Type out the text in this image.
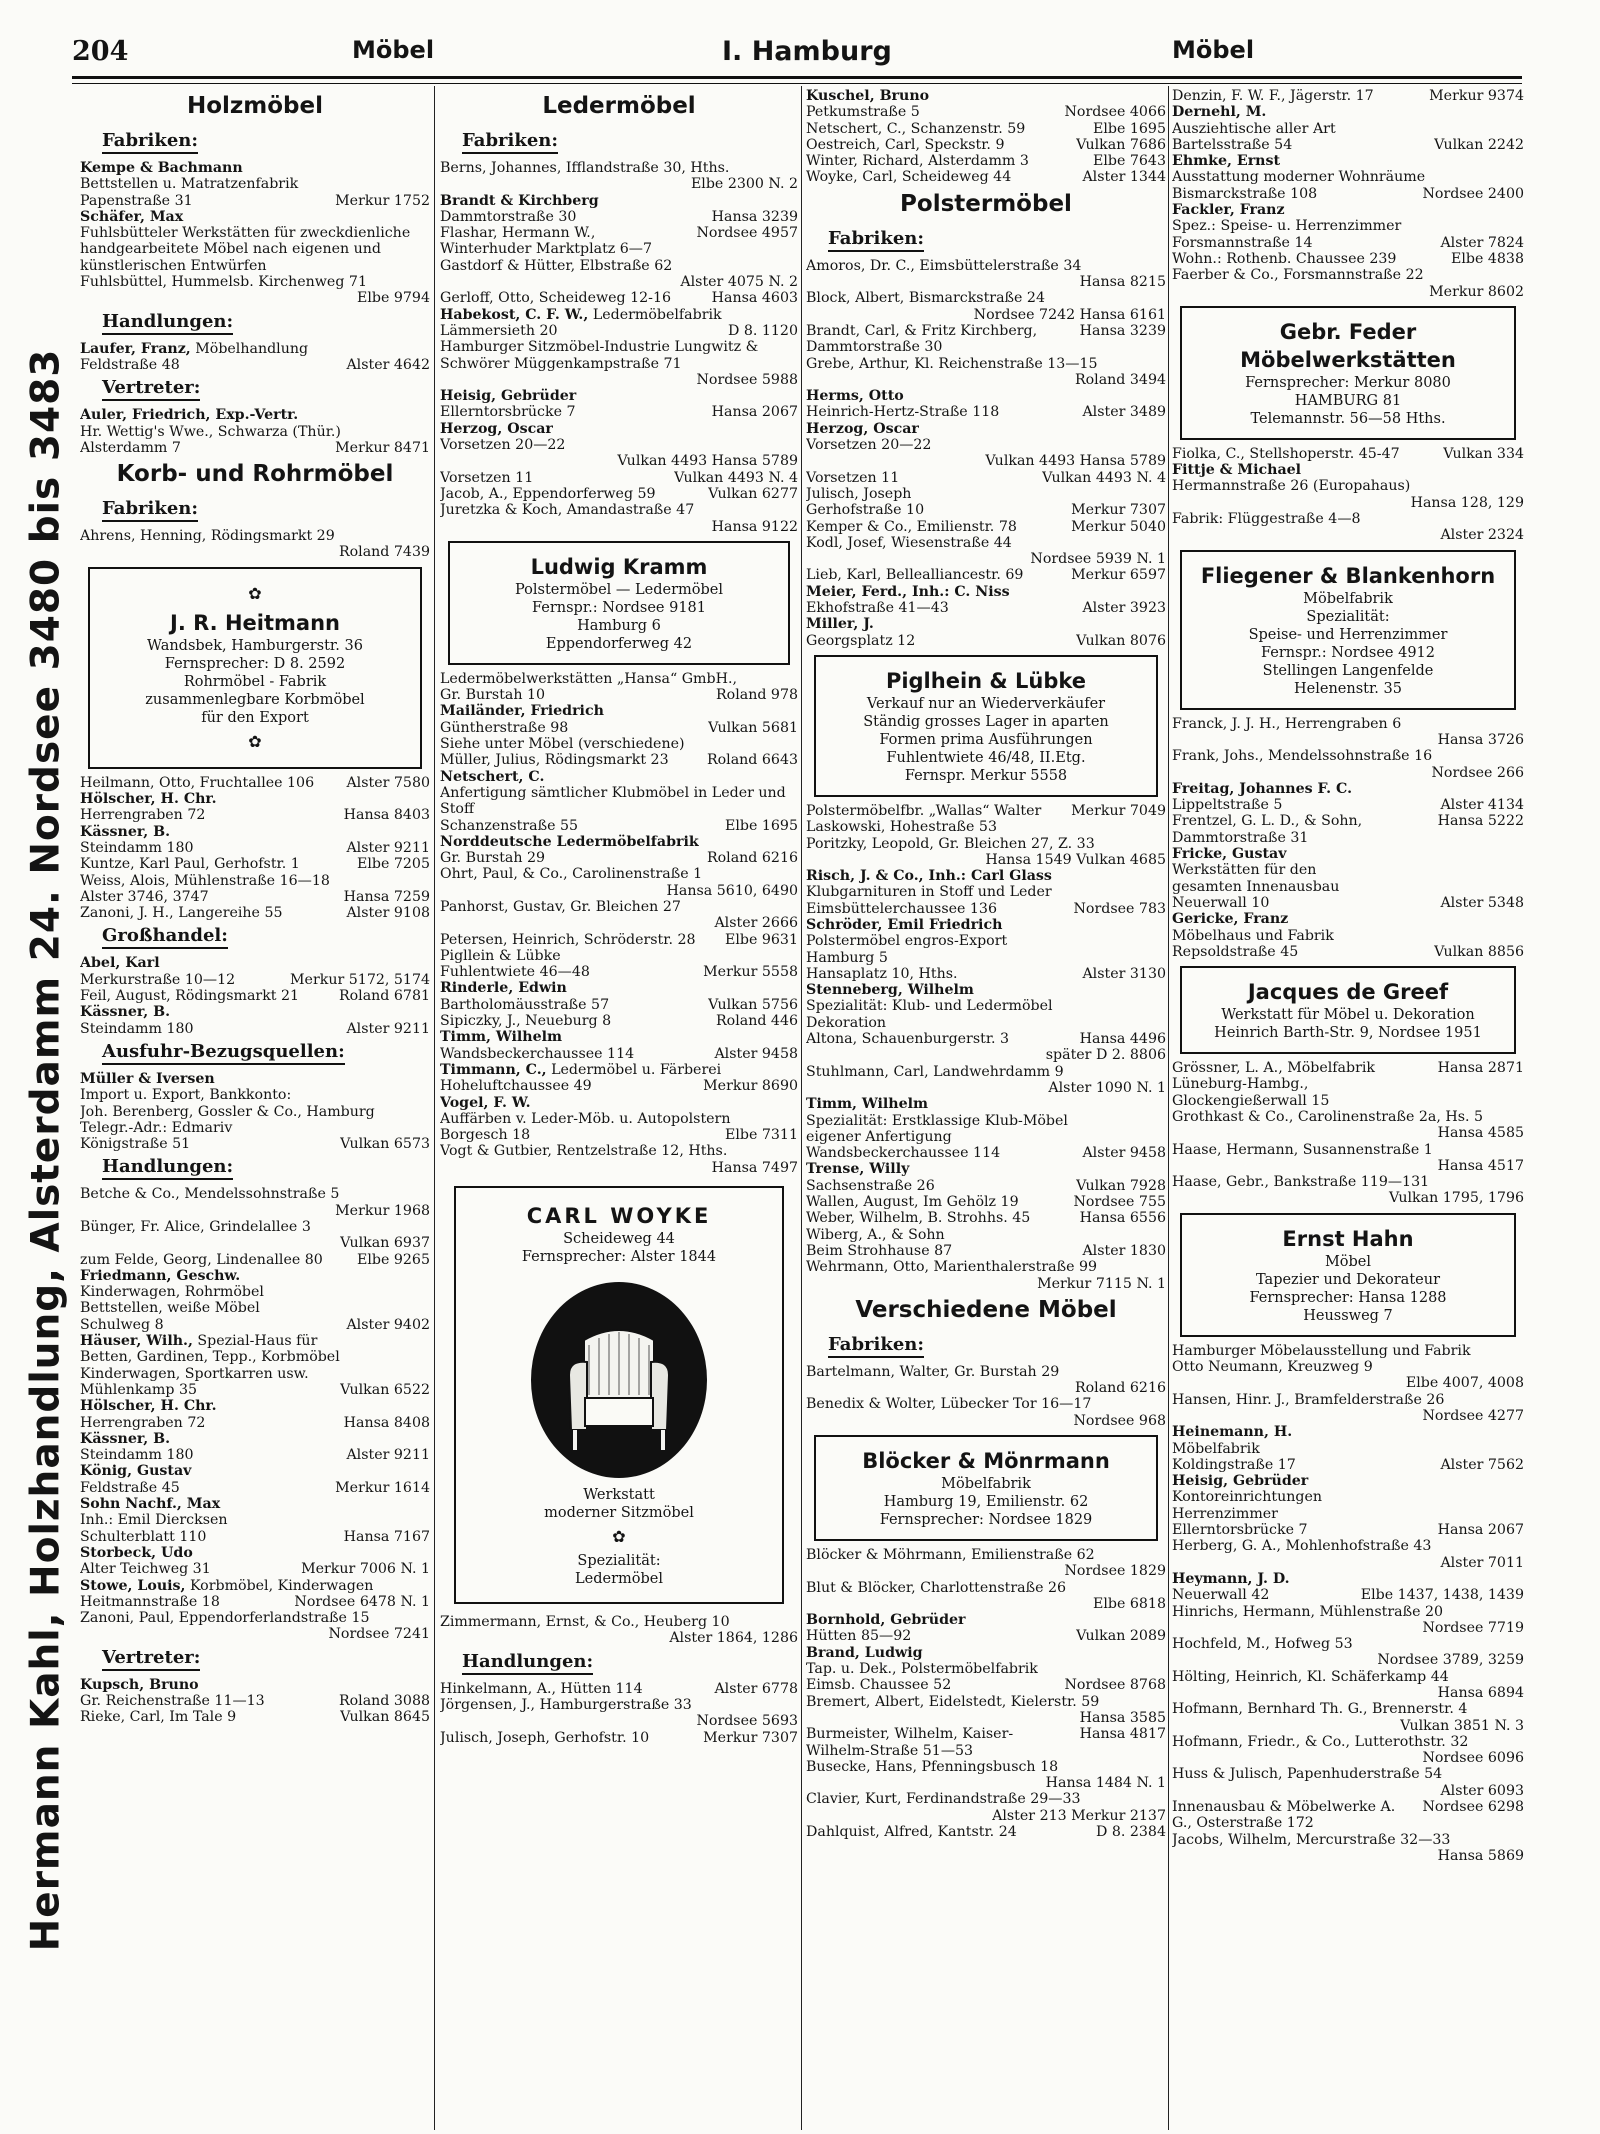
Hermann Kahl, Holzhandlung, Alsterdamm 24. Nordsee 3480 bis 3483
204	Möbel	I. Hamburg	Möbel
Holzmöbel
Fabriken:
Kempe & Bachmann
Bettstellen u. Matratzenfabrik
Papenstraße 31	Merkur 1752
Schäfer, Max
Fuhlsbütteler Werkstätten für zweckdienliche handgearbeitete Möbel nach eigenen und künstlerischen Entwürfen
Fuhlsbüttel, Hummelsb. Kirchenweg 71
Elbe 9794
Handlungen:
Laufer, Franz, Möbelhandlung
Feldstraße 48	Alster 4642
Vertreter:
Auler, Friedrich, Exp.-Vertr.
Hr. Wettig's Wwe., Schwarza (Thür.)
Alsterdamm 7	Merkur 8471
Korb- und Rohrmöbel
Fabriken:
Ahrens, Henning, Rödingsmarkt 29
Roland 7439
✿
J. R. Heitmann
Wandsbek, Hamburgerstr. 36
Fernsprecher: D 8. 2592
Rohrmöbel - Fabrik
zusammenlegbare Korbmöbel
für den Export
✿
Heilmann, Otto, Fruchtallee 106 Alster 7580
Hölscher, H. Chr.
Herrengraben 72	Hansa 8403
Kässner, B.
Steindamm 180	Alster 9211
Kuntze, Karl Paul, Gerhofstr. 1	Elbe 7205
Weiss, Alois, Mühlenstraße 16—18
Alster 3746, 3747	Hansa 7259
Zanoni, J. H., Langereihe 55	Alster 9108
Großhandel:
Abel, Karl
Merkurstraße 10—12	Merkur 5172, 5174
Feil, August, Rödingsmarkt 21	Roland 6781
Kässner, B.
Steindamm 180	Alster 9211
Ausfuhr-Bezugsquellen:
Müller & Iversen
Import u. Export, Bankkonto:
Joh. Berenberg, Gossler & Co., Hamburg
Telegr.-Adr.: Edmariv
Königstraße 51	Vulkan 6573
Handlungen:
Betche & Co., Mendelssohnstraße 5
Merkur 1968
Bünger, Fr. Alice, Grindelallee 3
Vulkan 6937
zum Felde, Georg, Lindenallee 80 Elbe 9265
Friedmann, Geschw.
Kinderwagen, Rohrmöbel
Bettstellen, weiße Möbel
Schulweg 8	Alster 9402
Häuser, Wilh., Spezial-Haus für
Betten, Gardinen, Tepp., Korbmöbel
Kinderwagen, Sportkarren usw.
Mühlenkamp 35	Vulkan 6522
Hölscher, H. Chr.
Herrengraben 72	Hansa 8408
Kässner, B.
Steindamm 180	Alster 9211
König, Gustav
Feldstraße 45	Merkur 1614
Sohn Nachf., Max
Inh.: Emil Diercksen
Schulterblatt 110	Hansa 7167
Storbeck, Udo
Alter Teichweg 31	Merkur 7006 N. 1
Stowe, Louis, Korbmöbel, Kinderwagen
Heitmannstraße 18	Nordsee 6478 N. 1
Zanoni, Paul, Eppendorferlandstraße 15
Nordsee 7241
Vertreter:
Kupsch, Bruno
Gr. Reichenstraße 11—13	Roland 3088
Rieke, Carl, Im Tale 9	Vulkan 8645
Ledermöbel
Fabriken:
Berns, Johannes, Ifflandstraße 30, Hths.
Elbe 2300 N. 2
Brandt & Kirchberg
Dammtorstraße 30	Hansa 3239
Flashar, Hermann W., Winterhuder Marktplatz 6—7
Nordsee 4957
Gastdorf & Hütter, Elbstraße 62
Alster 4075 N. 2
Gerloff, Otto, Scheideweg 12-16	Hansa 4603
Habekost, C. F. W., Ledermöbelfabrik
Lämmersieth 20	D 8. 1120
Hamburger Sitzmöbel-Industrie Lungwitz & Schwörer Müggenkampstraße 71
Nordsee 5988
Heisig, Gebrüder
Ellerntorsbrücke 7	Hansa 2067
Herzog, Oscar
Vorsetzen 20—22
Vulkan 4493 Hansa 5789
Vorsetzen 11	Vulkan 4493 N. 4
Jacob, A., Eppendorferweg 59	Vulkan 6277
Juretzka & Koch, Amandastraße 47
Hansa 9122
Ludwig Kramm
Polstermöbel — Ledermöbel
Fernspr.: Nordsee 9181
Hamburg 6
Eppendorferweg 42
Ledermöbelwerkstätten „Hansa“ GmbH.,
Gr. Burstah 10	Roland 978
Mailänder, Friedrich
Güntherstraße 98	Vulkan 5681
Siehe unter Möbel (verschiedene)
Müller, Julius, Rödingsmarkt 23	Roland 6643
Netschert, C.
Anfertigung sämtlicher Klubmöbel in Leder und Stoff
Schanzenstraße 55	Elbe 1695
Norddeutsche Ledermöbelfabrik
Gr. Burstah 29	Roland 6216
Ohrt, Paul, & Co., Carolinenstraße 1
Hansa 5610, 6490
Panhorst, Gustav, Gr. Bleichen 27
Alster 2666
Petersen, Heinrich, Schröderstr. 28 Elbe 9631
Pigllein & Lübke
Fuhlentwiete 46—48	Merkur 5558
Rinderle, Edwin
Bartholomäusstraße 57	Vulkan 5756
Sipiczky, J., Neueburg 8	Roland 446
Timm, Wilhelm
Wandsbeckerchaussee 114	Alster 9458
Timmann, C., Ledermöbel u. Färberei
Hoheluftchaussee 49	Merkur 8690
Vogel, F. W.
Auffärben v. Leder-Möb. u. Autopolstern
Borgesch 18	Elbe 7311
Vogt & Gutbier, Rentzelstraße 12, Hths.
Hansa 7497
CARL WOYKE
Scheideweg 44
Fernsprecher: Alster 1844
Werkstatt
moderner Sitzmöbel
✿
Spezialität:
Ledermöbel
Zimmermann, Ernst, & Co., Heuberg 10
Alster 1864, 1286
Handlungen:
Hinkelmann, A., Hütten 114	Alster 6778
Jörgensen, J., Hamburgerstraße 33
Nordsee 5693
Julisch, Joseph, Gerhofstr. 10	Merkur 7307
Kuschel, Bruno
Petkumstraße 5	Nordsee 4066
Netschert, C., Schanzenstr. 59	Elbe 1695
Oestreich, Carl, Speckstr. 9	Vulkan 7686
Winter, Richard, Alsterdamm 3	Elbe 7643
Woyke, Carl, Scheideweg 44	Alster 1344
Polstermöbel
Fabriken:
Amoros, Dr. C., Eimsbüttelerstraße 34
Hansa 8215
Block, Albert, Bismarckstraße 24
Nordsee 7242 Hansa 6161
Brandt, Carl, & Fritz Kirchberg, Dammtorstraße 30
Hansa 3239
Grebe, Arthur, Kl. Reichenstraße 13—15
Roland 3494
Herms, Otto
Heinrich-Hertz-Straße 118	Alster 3489
Herzog, Oscar
Vorsetzen 20—22
Vulkan 4493 Hansa 5789
Vorsetzen 11	Vulkan 4493 N. 4
Julisch, Joseph
Gerhofstraße 10	Merkur 7307
Kemper & Co., Emilienstr. 78	Merkur 5040
Kodl, Josef, Wiesenstraße 44
Nordsee 5939 N. 1
Lieb, Karl, Bellealliancestr. 69	Merkur 6597
Meier, Ferd., Inh.: C. Niss
Ekhofstraße 41—43	Alster 3923
Miller, J.
Georgsplatz 12	Vulkan 8076
Piglhein & Lübke
Verkauf nur an Wiederverkäufer
Ständig grosses Lager in aparten
Formen prima Ausführungen
Fuhlentwiete 46/48, II.Etg.
Fernspr. Merkur 5558
Polstermöbelfbr. „Wallas“ Walter Laskowski, Hohestraße 53
Merkur 7049
Poritzky, Leopold, Gr. Bleichen 27, Z. 33
Hansa 1549 Vulkan 4685
Risch, J. & Co., Inh.: Carl Glass
Klubgarnituren in Stoff und Leder
Eimsbüttelerchaussee 136	Nordsee 783
Schröder, Emil Friedrich
Polstermöbel engros-Export
Hamburg 5
Hansaplatz 10, Hths.	Alster 3130
Stenneberg, Wilhelm
Spezialität: Klub- und Ledermöbel
Dekoration
Altona, Schauenburgerstr. 3	Hansa 4496
später D 2. 8806
Stuhlmann, Carl, Landwehrdamm 9
Alster 1090 N. 1
Timm, Wilhelm
Spezialität: Erstklassige Klub-Möbel
eigener Anfertigung
Wandsbeckerchaussee 114	Alster 9458
Trense, Willy
Sachsenstraße 26	Vulkan 7928
Wallen, August, Im Gehölz 19	Nordsee 755
Weber, Wilhelm, B. Strohhs. 45	Hansa 6556
Wiberg, A., & Sohn
Beim Strohhause 87	Alster 1830
Wehrmann, Otto, Marienthalerstraße 99
Merkur 7115 N. 1
Verschiedene Möbel
Fabriken:
Bartelmann, Walter, Gr. Burstah 29
Roland 6216
Benedix & Wolter, Lübecker Tor 16—17
Nordsee 968
Blöcker & Mönrmann
Möbelfabrik
Hamburg 19, Emilienstr. 62
Fernsprecher: Nordsee 1829
Blöcker & Möhrmann, Emilienstraße 62
Nordsee 1829
Blut & Blöcker, Charlottenstraße 26
Elbe 6818
Bornhold, Gebrüder
Hütten 85—92	Vulkan 2089
Brand, Ludwig
Tap. u. Dek., Polstermöbelfabrik
Eimsb. Chaussee 52	Nordsee 8768
Bremert, Albert, Eidelstedt, Kielerstr. 59
Hansa 3585
Burmeister, Wilhelm, Kaiser-Wilhelm-Straße 51—53
Hansa 4817
Busecke, Hans, Pfenningsbusch 18
Hansa 1484 N. 1
Clavier, Kurt, Ferdinandstraße 29—33
Alster 213 Merkur 2137
Dahlquist, Alfred, Kantstr. 24	D 8. 2384
Denzin, F. W. F., Jägerstr. 17	Merkur 9374
Dernehl, M.
Ausziehtische aller Art
Bartelsstraße 54	Vulkan 2242
Ehmke, Ernst
Ausstattung moderner Wohnräume
Bismarckstraße 108	Nordsee 2400
Fackler, Franz
Spez.: Speise- u. Herrenzimmer
Forsmannstraße 14	Alster 7824
Wohn.: Rothenb. Chaussee 239	Elbe 4838
Faerber & Co., Forsmannstraße 22
Merkur 8602
Gebr. Feder
Möbelwerkstätten
Fernsprecher: Merkur 8080
HAMBURG 81
Telemannstr. 56—58 Hths.
Fiolka, C., Stellshoperstr. 45-47	Vulkan 334
Fittje & Michael
Hermannstraße 26 (Europahaus)
Hansa 128, 129
Fabrik: Flüggestraße 4—8
Alster 2324
Fliegener & Blankenhorn
Möbelfabrik
Spezialität:
Speise- und Herrenzimmer
Fernspr.: Nordsee 4912
Stellingen Langenfelde
Helenenstr. 35
Franck, J. J. H., Herrengraben 6
Hansa 3726
Frank, Johs., Mendelssohnstraße 16
Nordsee 266
Freitag, Johannes F. C.
Lippeltstraße 5	Alster 4134
Frentzel, G. L. D., & Sohn, Dammtorstraße 31
Hansa 5222
Fricke, Gustav
Werkstätten für den
gesamten Innenausbau
Neuerwall 10	Alster 5348
Gericke, Franz
Möbelhaus und Fabrik
Repsoldstraße 45	Vulkan 8856
Jacques de Greef
Werkstatt für Möbel u. Dekoration
Heinrich Barth-Str. 9, Nordsee 1951
Grössner, L. A., Möbelfabrik Lüneburg-Hambg., Glockengießerwall 15
Hansa 2871
Grothkast & Co., Carolinenstraße 2a, Hs. 5
Hansa 4585
Haase, Hermann, Susannenstraße 1
Hansa 4517
Haase, Gebr., Bankstraße 119—131
Vulkan 1795, 1796
Ernst Hahn
Möbel
Tapezier und Dekorateur
Fernsprecher: Hansa 1288
Heussweg 7
Hamburger Möbelausstellung und Fabrik
Otto Neumann, Kreuzweg 9
Elbe 4007, 4008
Hansen, Hinr. J., Bramfelderstraße 26
Nordsee 4277
Heinemann, H.
Möbelfabrik
Koldingstraße 17	Alster 7562
Heisig, Gebrüder
Kontoreinrichtungen
Herrenzimmer
Ellerntorsbrücke 7	Hansa 2067
Herberg, G. A., Mohlenhofstraße 43
Alster 7011
Heymann, J. D.
Neuerwall 42	Elbe 1437, 1438, 1439
Hinrichs, Hermann, Mühlenstraße 20
Nordsee 7719
Hochfeld, M., Hofweg 53
Nordsee 3789, 3259
Hölting, Heinrich, Kl. Schäferkamp 44
Hansa 6894
Hofmann, Bernhard Th. G., Brennerstr. 4
Vulkan 3851 N. 3
Hofmann, Friedr., & Co., Lutterothstr. 32
Nordsee 6096
Huss & Julisch, Papenhuderstraße 54
Alster 6093
Innenausbau & Möbelwerke A. G., Osterstraße 172
Nordsee 6298
Jacobs, Wilhelm, Mercurstraße 32—33
Hansa 5869
